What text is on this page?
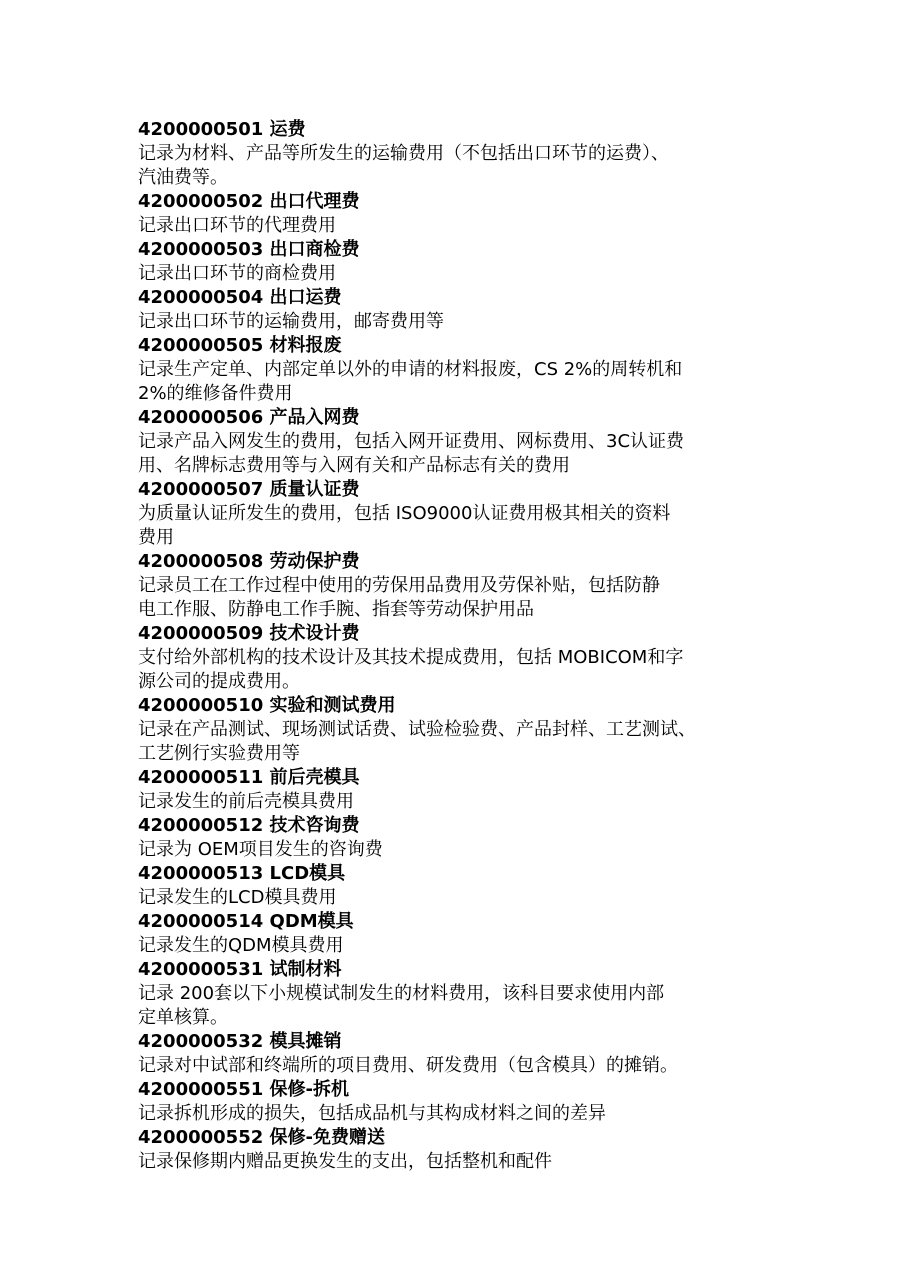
4200000501 运费

记录为材料、产品等所发生的运输费用（不包括出口环节的运费）、
汽油费等。

4200000502 出口代理费

记录出口环节的代理费用

4200000503 出口商检费

记录出口环节的商检费用

4200000504 出口运费

记录出口环节的运输费用，邮寄费用等

4200000505 材料报废

记录生产定单、内部定单以外的申请的材料报废，CS 2%的周转机和
2%的维修备件费用

4200000506 产品入网费

记录产品入网发生的费用，包括入网开证费用、网标费用、3C认证费
用、名牌标志费用等与入网有关和产品标志有关的费用

4200000507 质量认证费

为质量认证所发生的费用，包括 ISO9000认证费用极其相关的资料
费用

4200000508 劳动保护费

记录员工在工作过程中使用的劳保用品费用及劳保补贴，包括防静
电工作服、防静电工作手腕、指套等劳动保护用品

4200000509 技术设计费

支付给外部机构的技术设计及其技术提成费用，包括 MOBICOM和字
源公司的提成费用。

4200000510 实验和测试费用

记录在产品测试、现场测试话费、试验检验费、产品封样、工艺测试、
工艺例行实验费用等

4200000511 前后壳模具

记录发生的前后壳模具费用

4200000512 技术咨询费

记录为 OEM项目发生的咨询费

4200000513 LCD模具

记录发生的LCD模具费用

4200000514 QDM模具

记录发生的QDM模具费用

4200000531 试制材料

记录 200套以下小规模试制发生的材料费用，该科目要求使用内部
定单核算。

4200000532 模具摊销

记录对中试部和终端所的项目费用、研发费用（包含模具）的摊销。

4200000551 保修-拆机

记录拆机形成的损失，包括成品机与其构成材料之间的差异

4200000552 保修-免费赠送

记录保修期内赠品更换发生的支出，包括整机和配件
